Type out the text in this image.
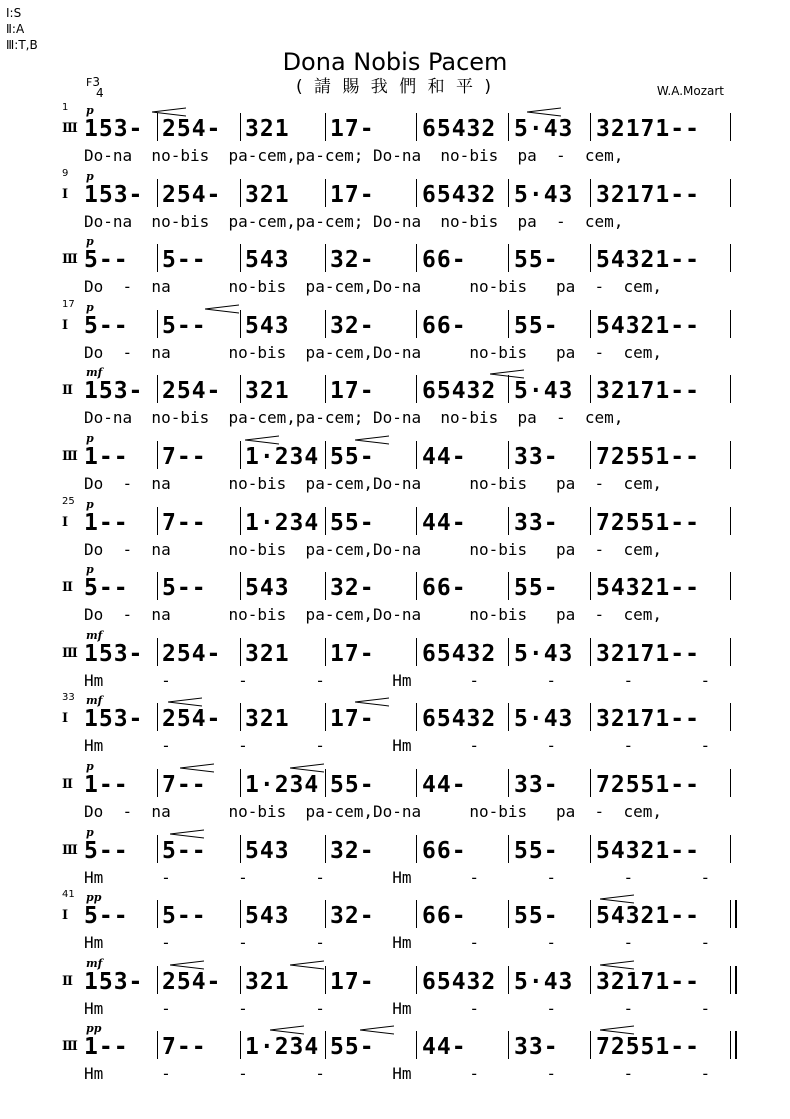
Ⅰ:S
Ⅱ:A
Ⅲ:T,B
Dona Nobis Pacem
( 請 賜 我 們 和 平 )	W.A.Mozart
F3
4
Ⅲ
p
1
153- 254- 321 17- 65432 5·43 32171--
Do-na  no-bis  pa-cem,pa-cem; Do-na  no-bis  pa  -  cem,
Ⅰ
p
9
153- 254- 321 17- 65432 5·43 32171--
Do-na  no-bis  pa-cem,pa-cem; Do-na  no-bis  pa  -  cem,
Ⅲ
p
5-- 5-- 543 32- 66- 55- 54321--
Do  -  na      no-bis  pa-cem,Do-na     no-bis   pa  -  cem,
Ⅰ
p
17
5-- 5-- 543 32- 66- 55- 54321--
Do  -  na      no-bis  pa-cem,Do-na     no-bis   pa  -  cem,
Ⅱ
mf
153- 254- 321 17- 65432 5·43 32171--
Do-na  no-bis  pa-cem,pa-cem; Do-na  no-bis  pa  -  cem,
Ⅲ
p
1-- 7-- 1·234 55- 44- 33- 72551--
Do  -  na      no-bis  pa-cem,Do-na     no-bis   pa  -  cem,
Ⅰ
p
25
1-- 7-- 1·234 55- 44- 33- 72551--
Do  -  na      no-bis  pa-cem,Do-na     no-bis   pa  -  cem,
Ⅱ
p
5-- 5-- 543 32- 66- 55- 54321--
Do  -  na      no-bis  pa-cem,Do-na     no-bis   pa  -  cem,
Ⅲ
mf
153- 254- 321 17- 65432 5·43 32171--
Hm      -       -       -       Hm      -       -       -       -
Ⅰ
mf
33
153- 254- 321 17- 65432 5·43 32171--
Hm      -       -       -       Hm      -       -       -       -
Ⅱ
p
1-- 7-- 1·234 55- 44- 33- 72551--
Do  -  na      no-bis  pa-cem,Do-na     no-bis   pa  -  cem,
Ⅲ
p
5-- 5-- 543 32- 66- 55- 54321--
Hm      -       -       -       Hm      -       -       -       -
Ⅰ
pp
41
5-- 5-- 543 32- 66- 55- 54321--
Hm      -       -       -       Hm      -       -       -       -
Ⅱ
mf
153- 254- 321 17- 65432 5·43 32171--
Hm      -       -       -       Hm      -       -       -       -
Ⅲ
pp
1-- 7-- 1·234 55- 44- 33- 72551--
Hm      -       -       -       Hm      -       -       -       -
